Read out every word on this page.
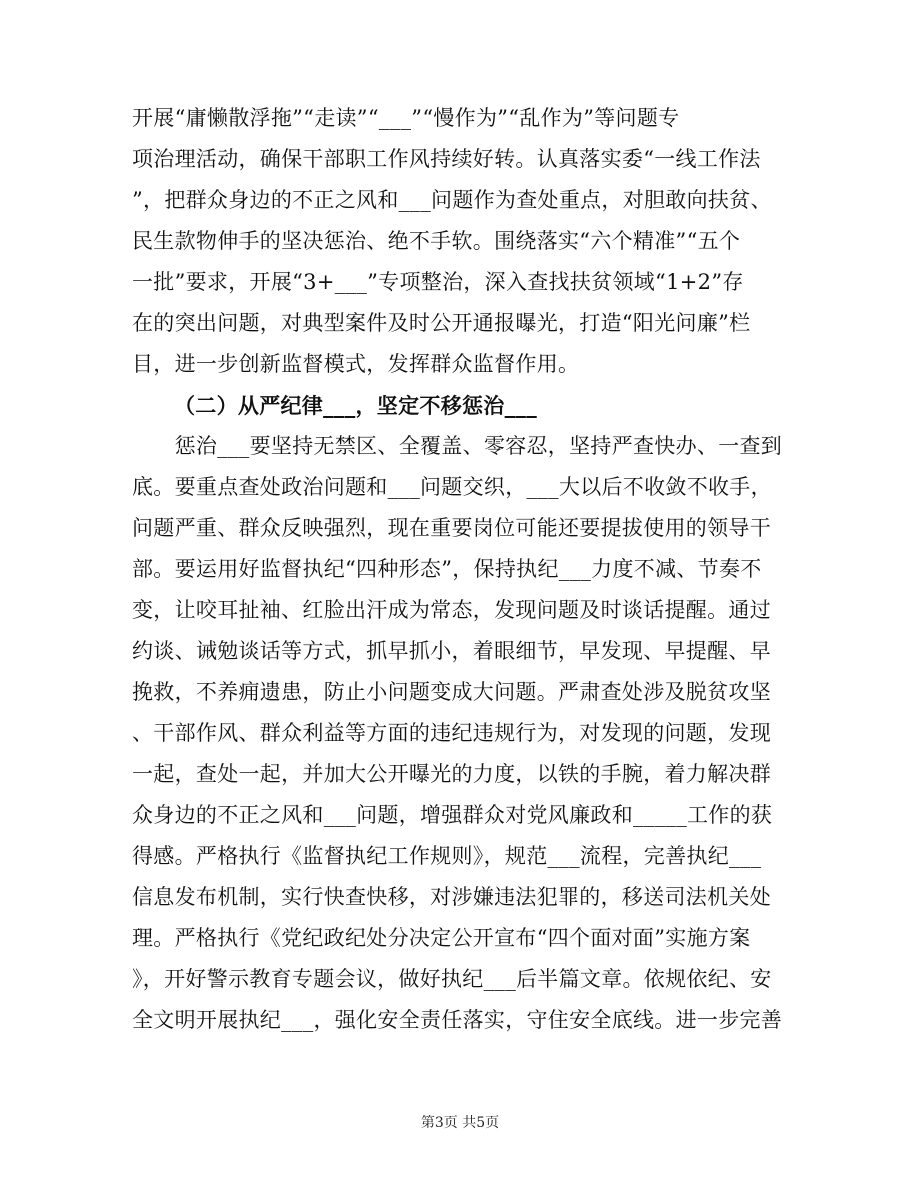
开展“庸懒散浮拖”“走读”“___”“慢作为”“乱作为”等问题专
项治理活动，确保干部职工作风持续好转。认真落实委“一线工作法
”，把群众身边的不正之风和___问题作为查处重点，对胆敢向扶贫、
民生款物伸手的坚决惩治、绝不手软。围绕落实“六个精准”“五个
一批”要求，开展“3+___”专项整治，深入查找扶贫领域“1+2”存
在的突出问题，对典型案件及时公开通报曝光，打造“阳光问廉”栏
目，进一步创新监督模式，发挥群众监督作用。
（二）从严纪律___，坚定不移惩治___
　　惩治___要坚持无禁区、全覆盖、零容忍，坚持严查快办、一查到
底。要重点查处政治问题和___问题交织，___大以后不收敛不收手，
问题严重、群众反映强烈，现在重要岗位可能还要提拔使用的领导干
部。要运用好监督执纪“四种形态”，保持执纪___力度不减、节奏不
变，让咬耳扯袖、红脸出汗成为常态，发现问题及时谈话提醒。通过
约谈、诫勉谈话等方式，抓早抓小，着眼细节，早发现、早提醒、早
挽救，不养痈遗患，防止小问题变成大问题。严肃查处涉及脱贫攻坚
、干部作风、群众利益等方面的违纪违规行为，对发现的问题，发现
一起，查处一起，并加大公开曝光的力度，以铁的手腕，着力解决群
众身边的不正之风和___问题，增强群众对党风廉政和_____工作的获
得感。严格执行《监督执纪工作规则》，规范___流程，完善执纪___
信息发布机制，实行快查快移，对涉嫌违法犯罪的，移送司法机关处
理。严格执行《党纪政纪处分决定公开宣布“四个面对面”实施方案
》，开好警示教育专题会议，做好执纪___后半篇文章。依规依纪、安
全文明开展执纪___，强化安全责任落实，守住安全底线。进一步完善
第3页 共5页
